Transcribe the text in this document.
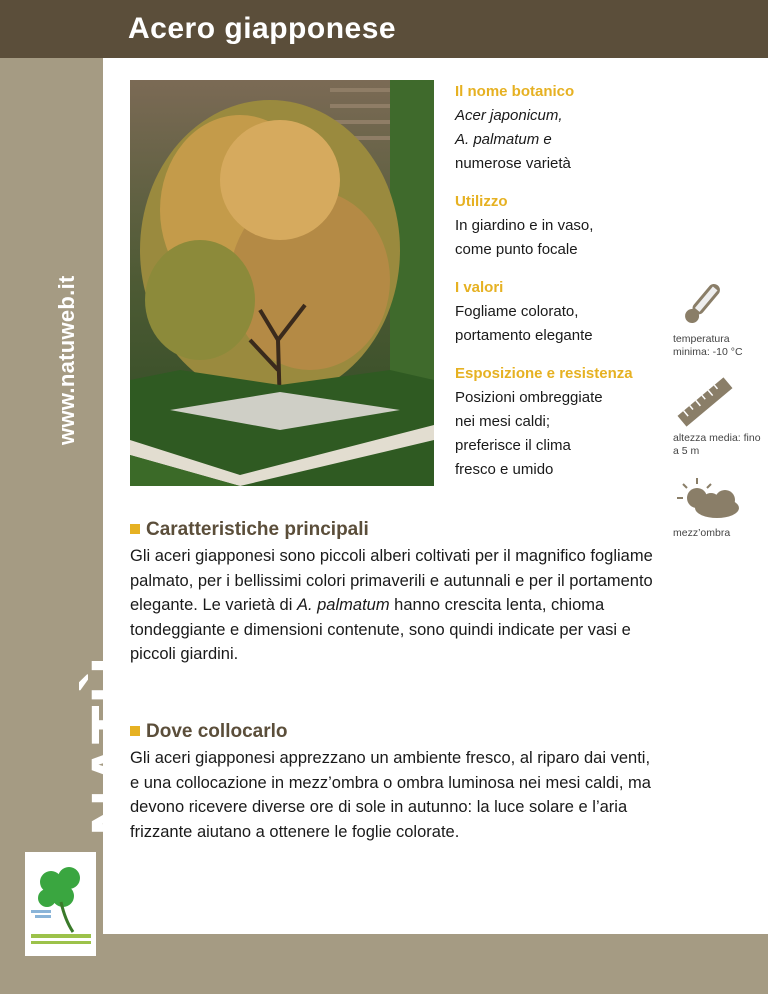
Acero giapponese
www.natuweb.it
Il nome botanico
Acer japonicum,
A. palmatum e
numerose varietà
Utilizzo
In giardino e in vaso,
come punto focale
I valori
Fogliame colorato,
portamento elegante
Esposizione e resistenza
Posizioni ombreggiate
nei mesi caldi;
preferisce il clima
fresco e umido
temperatura minima: -10 °C
altezza media: fino a 5 m
mezz’ombra
Caratteristiche principali

Gli aceri giapponesi sono piccoli alberi coltivati per il magnifico fogliame palmato, per i bellissimi colori primaverili e autunnali e per il portamento elegante. Le varietà di A. palmatum hanno crescita lenta, chioma tondeggiante e dimensioni contenute, sono quindi indicate per vasi e piccoli giardini.

Dove collocarlo

Gli aceri giapponesi apprezzano un ambiente fresco, al riparo dai venti, e una collocazione in mezz’ombra o ombra luminosa nei mesi caldi, ma devono ricevere diverse ore di sole in autunno: la luce solare e l’aria frizzante aiutano a ottenere le foglie colorate.
